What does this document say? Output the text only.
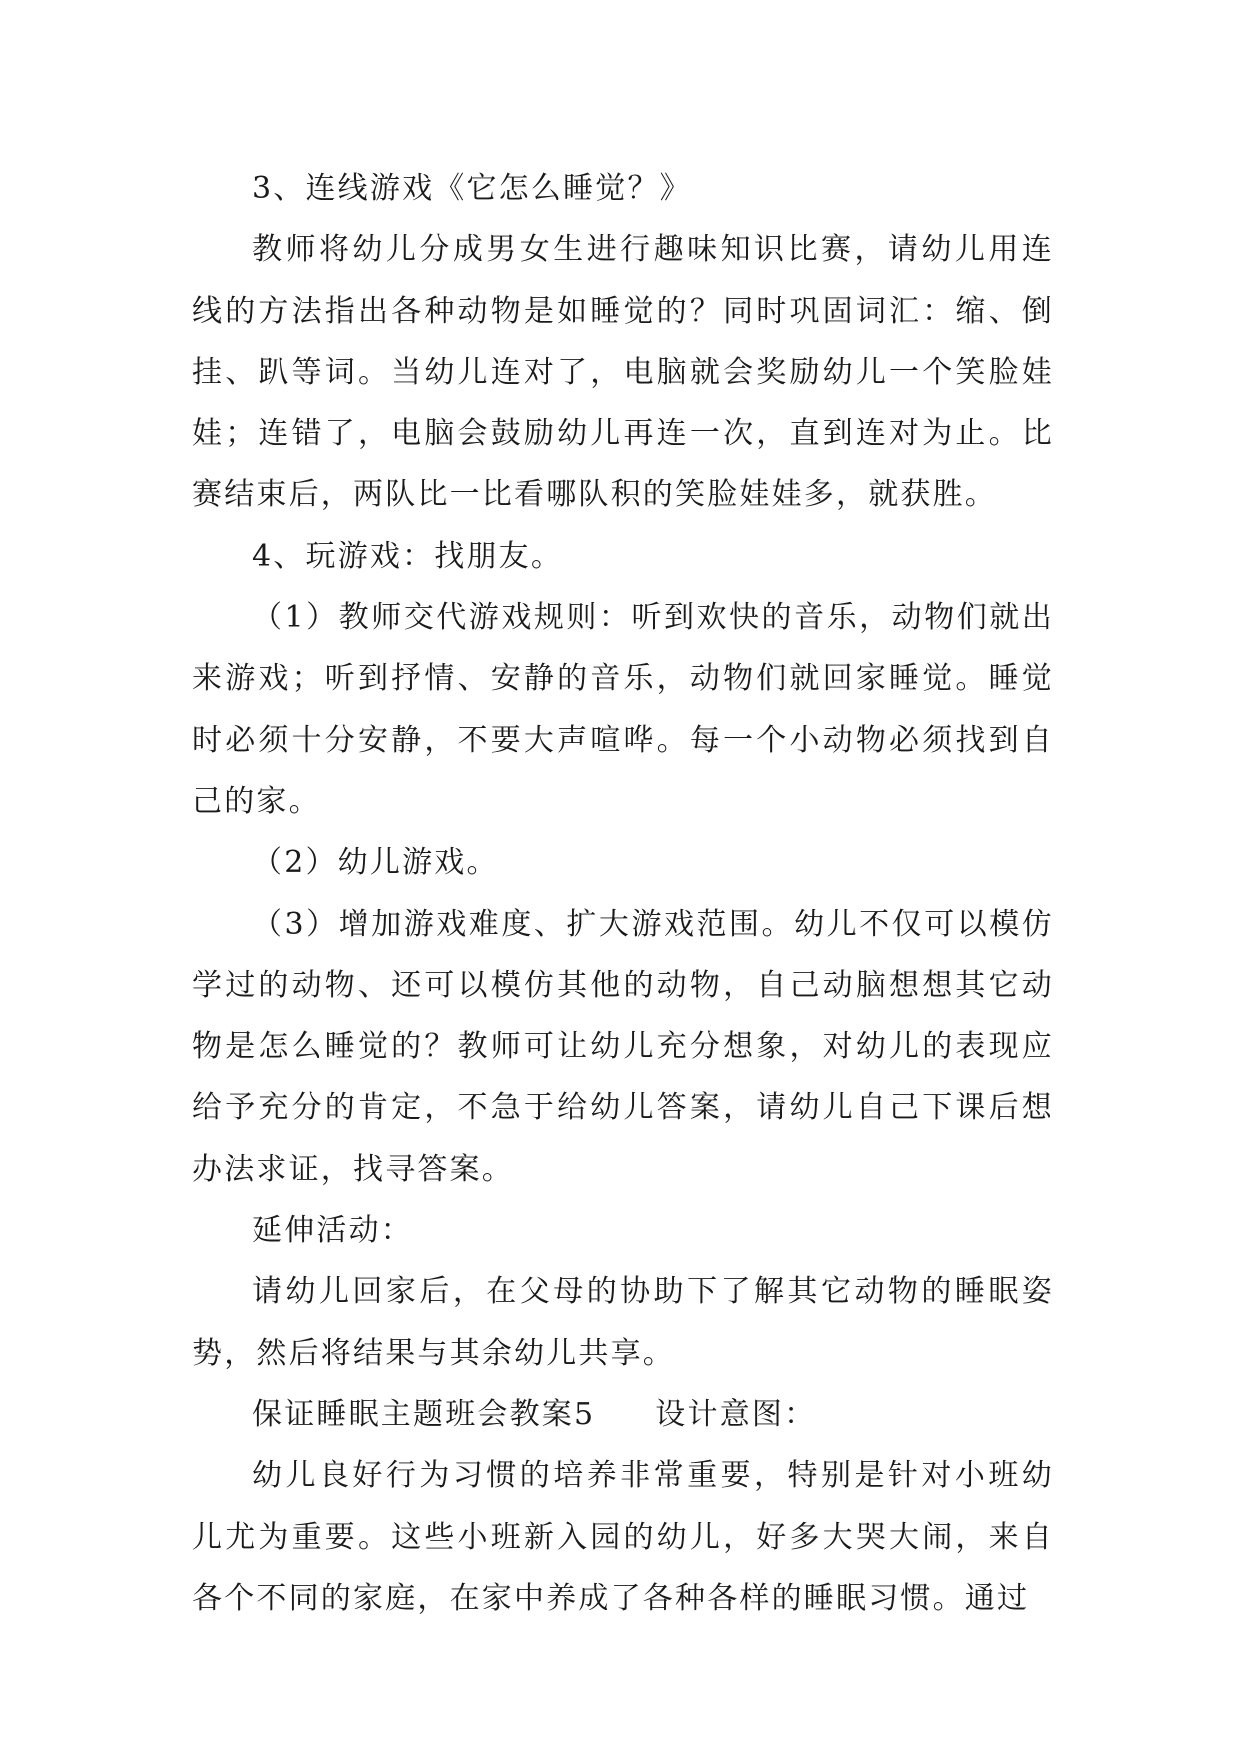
3、连线游戏《它怎么睡觉？》

教师将幼儿分成男女生进行趣味知识比赛，请幼儿用连线的方法指出各种动物是如睡觉的？同时巩固词汇：缩、倒挂、趴等词。当幼儿连对了，电脑就会奖励幼儿一个笑脸娃娃；连错了，电脑会鼓励幼儿再连一次，直到连对为止。比赛结束后，两队比一比看哪队积的笑脸娃娃多，就获胜。

4、玩游戏：找朋友。

（1）教师交代游戏规则：听到欢快的音乐，动物们就出来游戏；听到抒情、安静的音乐，动物们就回家睡觉。睡觉时必须十分安静，不要大声喧哗。每一个小动物必须找到自己的家。

（2）幼儿游戏。

（3）增加游戏难度、扩大游戏范围。幼儿不仅可以模仿学过的动物、还可以模仿其他的动物，自己动脑想想其它动物是怎么睡觉的？教师可让幼儿充分想象，对幼儿的表现应给予充分的肯定，不急于给幼儿答案，请幼儿自己下课后想办法求证，找寻答案。

延伸活动：

请幼儿回家后，在父母的协助下了解其它动物的睡眠姿势，然后将结果与其余幼儿共享。

保证睡眠主题班会教案5 设计意图：

幼儿良好行为习惯的培养非常重要，特别是针对小班幼儿尤为重要。这些小班新入园的幼儿，好多大哭大闹，来自各个不同的家庭，在家中养成了各种各样的睡眠习惯。通过
